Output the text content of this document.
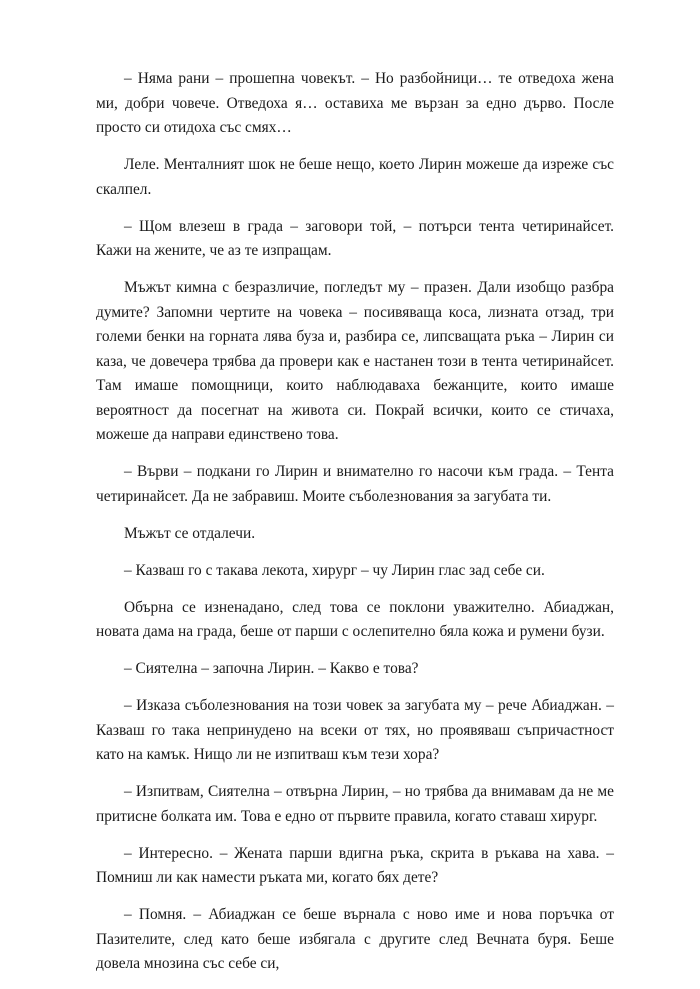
– Няма рани – прошепна човекът. – Но разбойници… те отведоха жена ми, добри човече. Отведоха я… оставиха ме вързан за едно дърво. После просто си отидоха със смях…

Леле. Менталният шок не беше нещо, което Лирин можеше да изреже със скалпел.

– Щом влезеш в града – заговори той, – потърси тента четиринайсет. Кажи на жените, че аз те изпращам.

Мъжът кимна с безразличие, погледът му – празен. Дали изобщо разбра думите? Запомни чертите на човека – посивяваща коса, лизната отзад, три големи бенки на горната лява буза и, разбира се, липсващата ръка – Лирин си каза, че довечера трябва да провери как е настанен този в тента четиринайсет. Там имаше помощници, които наблюдаваха бежанците, които имаше вероятност да посегнат на живота си. Покрай всички, които се стичаха, можеше да направи единствено това.

– Върви – подкани го Лирин и внимателно го насочи към града. – Тента четиринайсет. Да не забравиш. Моите съболезнования за загубата ти.

Мъжът се отдалечи.

– Казваш го с такава лекота, хирург – чу Лирин глас зад себе си.

Обърна се изненадано, след това се поклони уважително. Абиаджан, новата дама на града, беше от парши с ослепително бяла кожа и румени бузи.

– Сиятелна – започна Лирин. – Какво е това?

– Изказа съболезнования на този човек за загубата му – рече Абиаджан. – Казваш го така непринудено на всеки от тях, но проявяваш съпричастност като на камък. Нищо ли не изпитваш към тези хора?

– Изпитвам, Сиятелна – отвърна Лирин, – но трябва да внимавам да не ме притисне болката им. Това е едно от първите правила, когато ставаш хирург.

– Интересно. – Жената парши вдигна ръка, скрита в ръкава на хава. – Помниш ли как намести ръката ми, когато бях дете?

– Помня. – Абиаджан се беше върнала с ново име и нова поръчка от Пазителите, след като беше избягала с другите след Вечната буря. Беше довела мнозина със себе си,
